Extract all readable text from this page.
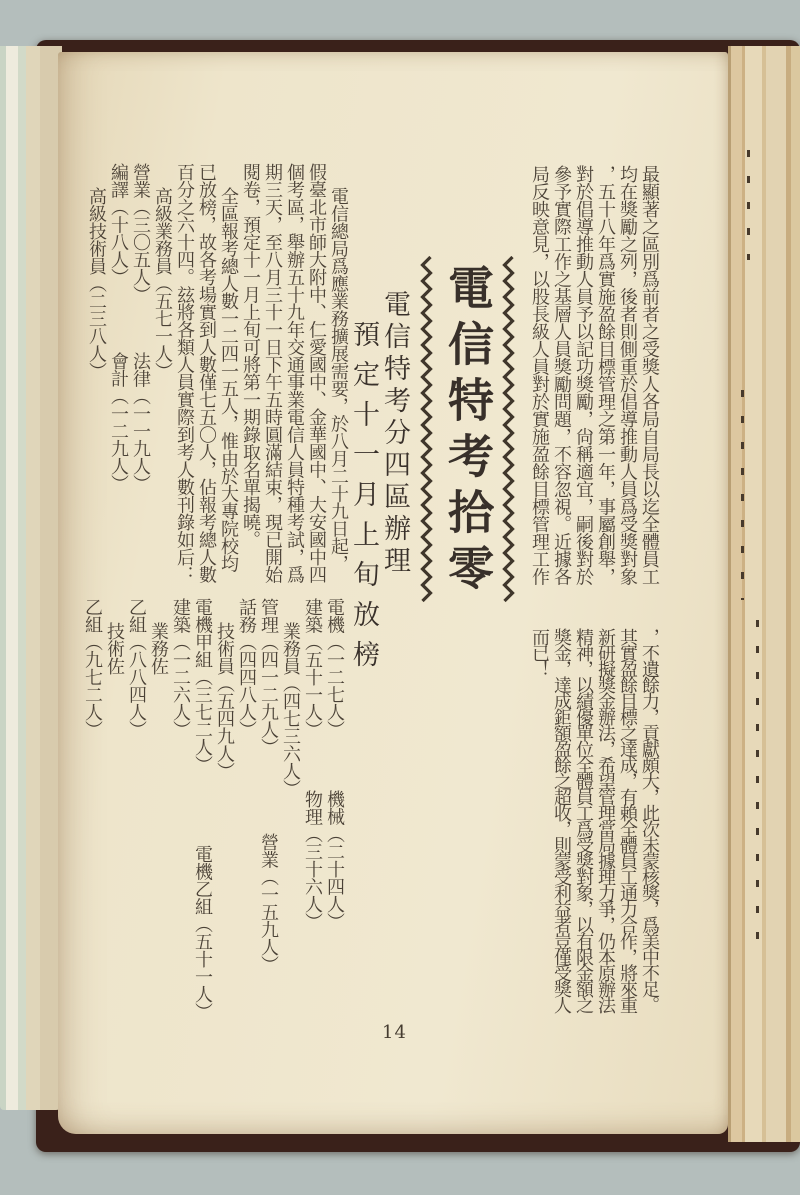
最顯著之區別爲前者之受獎人各局自局長以迄全體員工
均在獎勵之列，後者則側重於倡導推動人員爲受獎對象
，五十八年爲實施盈餘目標管理之第一年，事屬創舉，
對於倡導推動人員予以記功獎勵，尙稱適宜，嗣後對於
參予實際工作之基層人員獎勵問題，不容忽視。近據各
局反映意見，以股長級人員對於實施盈餘目標管理工作
，不遺餘力，貢獻頗大，此次未蒙核獎，爲美中不足。
其實盈餘目標之達成，有賴全體員工通力合作，將來重
新研擬獎金辦法，希望管理當局據理力爭，仍本原辦法
精神，以績優單位全體員工爲受獎對象，以有限金額之
獎金，達成鉅額盈餘之超收，則蒙受利益者豈僅受獎人
而已！
電信特考拾零
電信特考分四區辦理
預定十一月上旬放榜
電信總局爲應業務擴展需要，於八月二十九日起，
假臺北市師大附中、仁愛國中、金華國中、大安國中四
個考區，舉辦五十九年交通事業電信人員特種考試，爲
期三天，至八月三十一日下午五時圓滿結束，現已開始
閱卷，預定十一月上旬可將第一期錄取名單揭曉。
全區報考總人數一二四一五人，惟由於大專院校均
已放榜，故各考場實到人數僅七五〇人，佔報考總人數
百分之六十四。玆將各類人員實際到考人數刊錄如后：
高級業務員（五七一人）
營業（三〇五人）法律（一一九人）
編譯（十八人）會計（一二九人）
高級技術員（二三八人）
電機（一二七人）機械（二十四人）
建築（五十一人）物理（三十六人）
業務員（四七三六人）
管理（四一二九人）營業（一五九人）
話務（四四八人）
技術員（五四九人）
電機甲組（三七二人）電機乙組（五十一人）
建築（一二六人）
業務佐
乙組（八八四人）
技術佐
乙組（九七二人）
14
